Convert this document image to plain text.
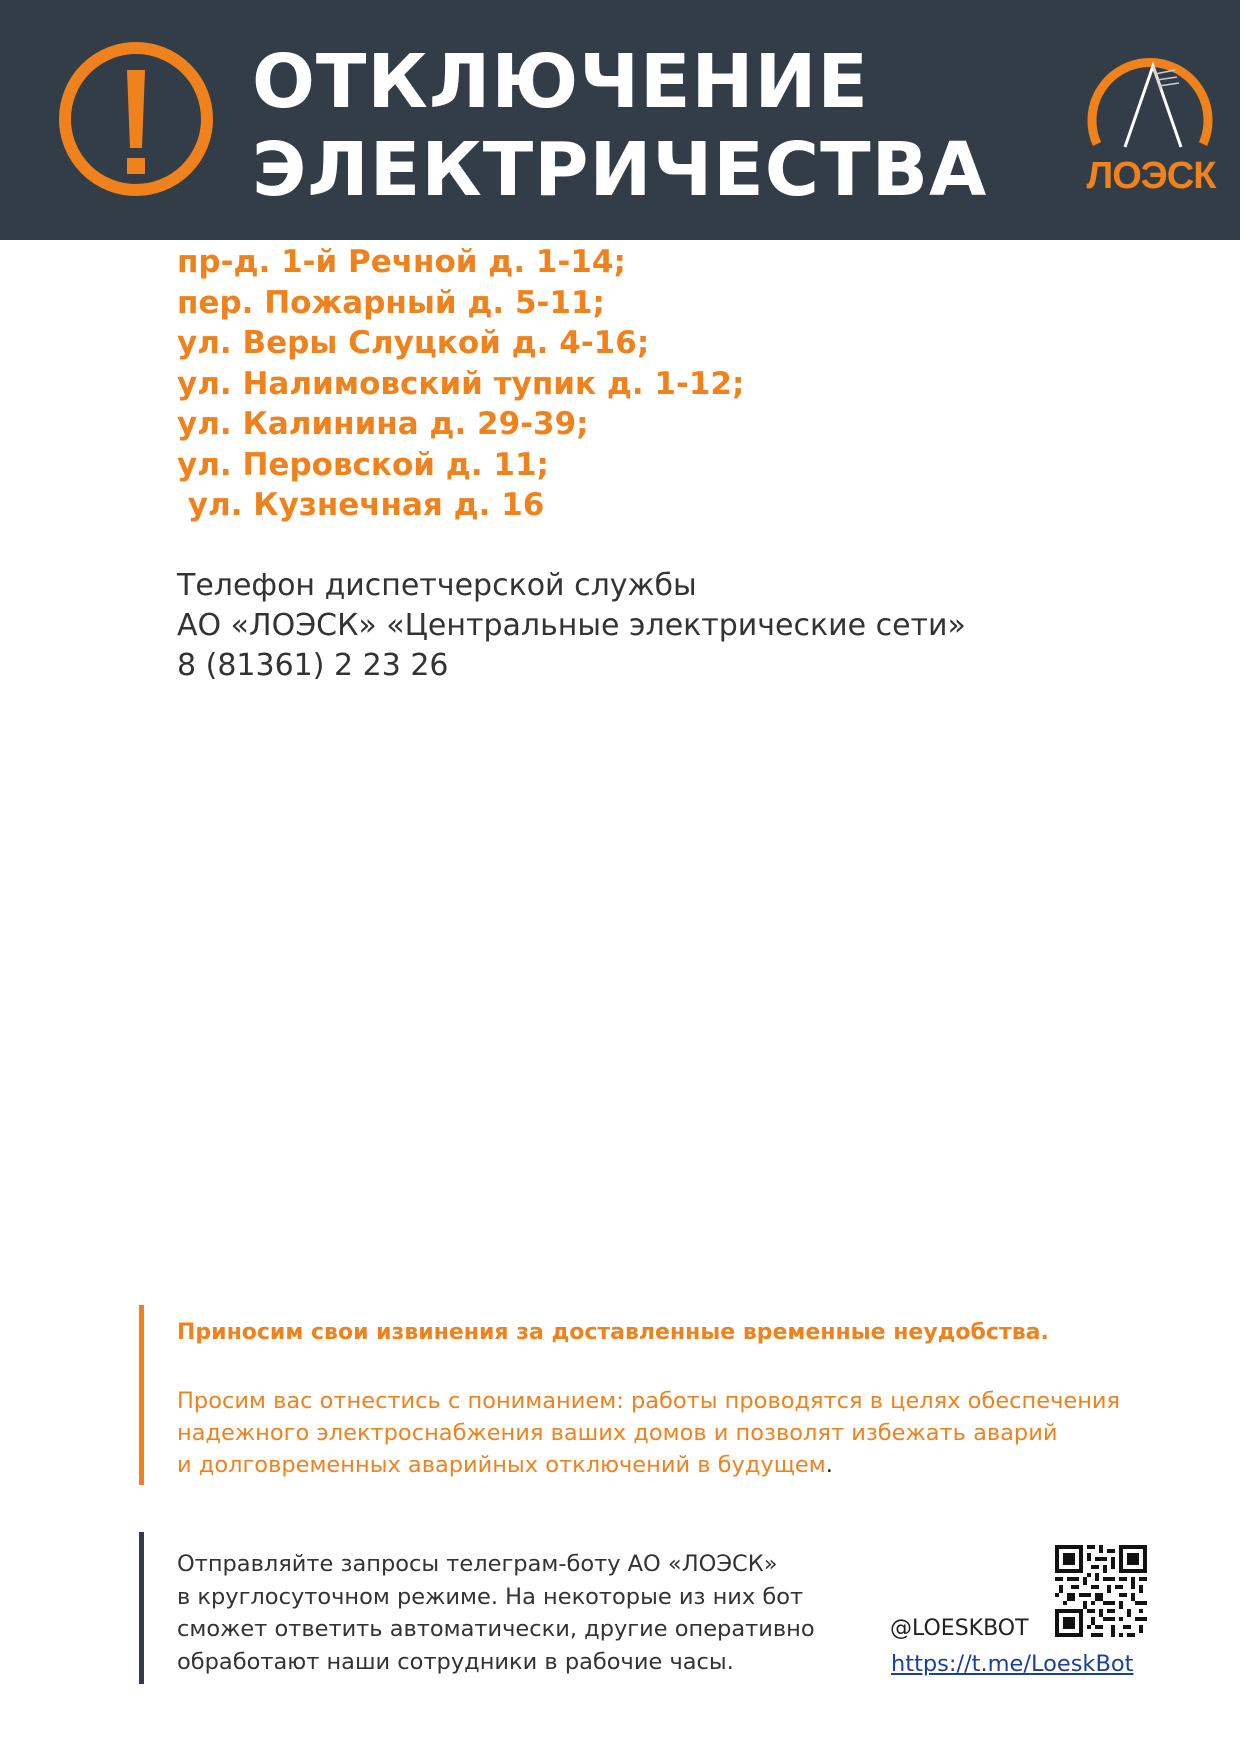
ОТКЛЮЧЕНИЕ
ЭЛЕКТРИЧЕСТВА	ЛОЭСК
пр-д. 1-й Речной д. 1-14;
пер. Пожарный д. 5-11;
ул. Веры Слуцкой д. 4-16;
ул. Налимовский тупик д. 1-12;
ул. Калинина д. 29-39;
ул. Перовской д. 11;
ул. Кузнечная д. 16
Телефон диспетчерской службы
АО «ЛОЭСК» «Центральные электрические сети»
8 (81361) 2 23 26
Приносим свои извинения за доставленные временные неудобства.
Просим вас отнестись с пониманием: работы проводятся в целях обеспечения
надежного электроснабжения ваших домов и позволят избежать аварий
и долговременных аварийных отключений в будущем.
Отправляйте запросы телеграм-боту АО «ЛОЭСК»
в круглосуточном режиме. На некоторые из них бот
сможет ответить автоматически, другие оперативно
обработают наши сотрудники в рабочие часы.
@LOESKBOT
https://t.me/LoeskBot
